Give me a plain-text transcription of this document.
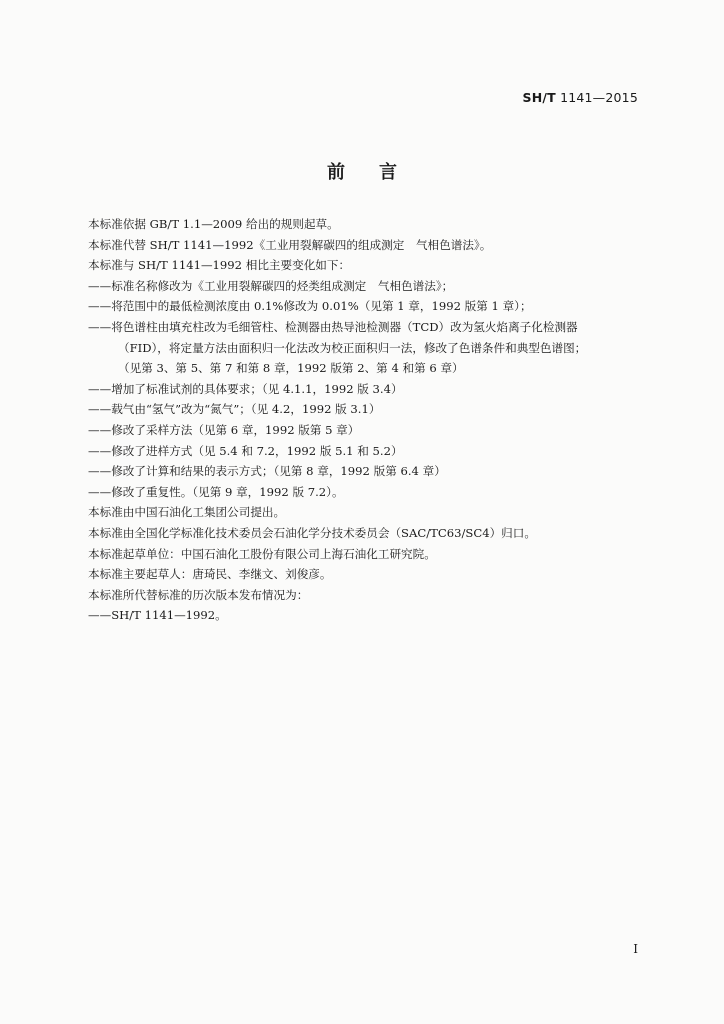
SH/T 1141—2015
前言
本标准依据 GB/T 1.1—2009 给出的规则起草。
本标准代替 SH/T 1141—1992《工业用裂解碳四的组成测定　气相色谱法》。
本标准与 SH/T 1141—1992 相比主要变化如下：
——标准名称修改为《工业用裂解碳四的烃类组成测定　气相色谱法》；
——将范围中的最低检测浓度由 0.1%修改为 0.01%（见第 1 章，1992 版第 1 章）；
——将色谱柱由填充柱改为毛细管柱、检测器由热导池检测器（TCD）改为氢火焰离子化检测器
（FID），将定量方法由面积归一化法改为校正面积归一法，修改了色谱条件和典型色谱图；
（见第 3、第 5、第 7 和第 8 章，1992 版第 2、第 4 和第 6 章）
——增加了标准试剂的具体要求；（见 4.1.1，1992 版 3.4）
——载气由“氢气”改为“氮气”；（见 4.2，1992 版 3.1）
——修改了采样方法（见第 6 章，1992 版第 5 章）
——修改了进样方式（见 5.4 和 7.2，1992 版 5.1 和 5.2）
——修改了计算和结果的表示方式；（见第 8 章，1992 版第 6.4 章）
——修改了重复性。（见第 9 章，1992 版 7.2）。
本标准由中国石油化工集团公司提出。
本标准由全国化学标准化技术委员会石油化学分技术委员会（SAC/TC63/SC4）归口。
本标准起草单位：中国石油化工股份有限公司上海石油化工研究院。
本标准主要起草人：唐琦民、李继文、刘俊彦。
本标准所代替标准的历次版本发布情况为：
——SH/T 1141—1992。
I
